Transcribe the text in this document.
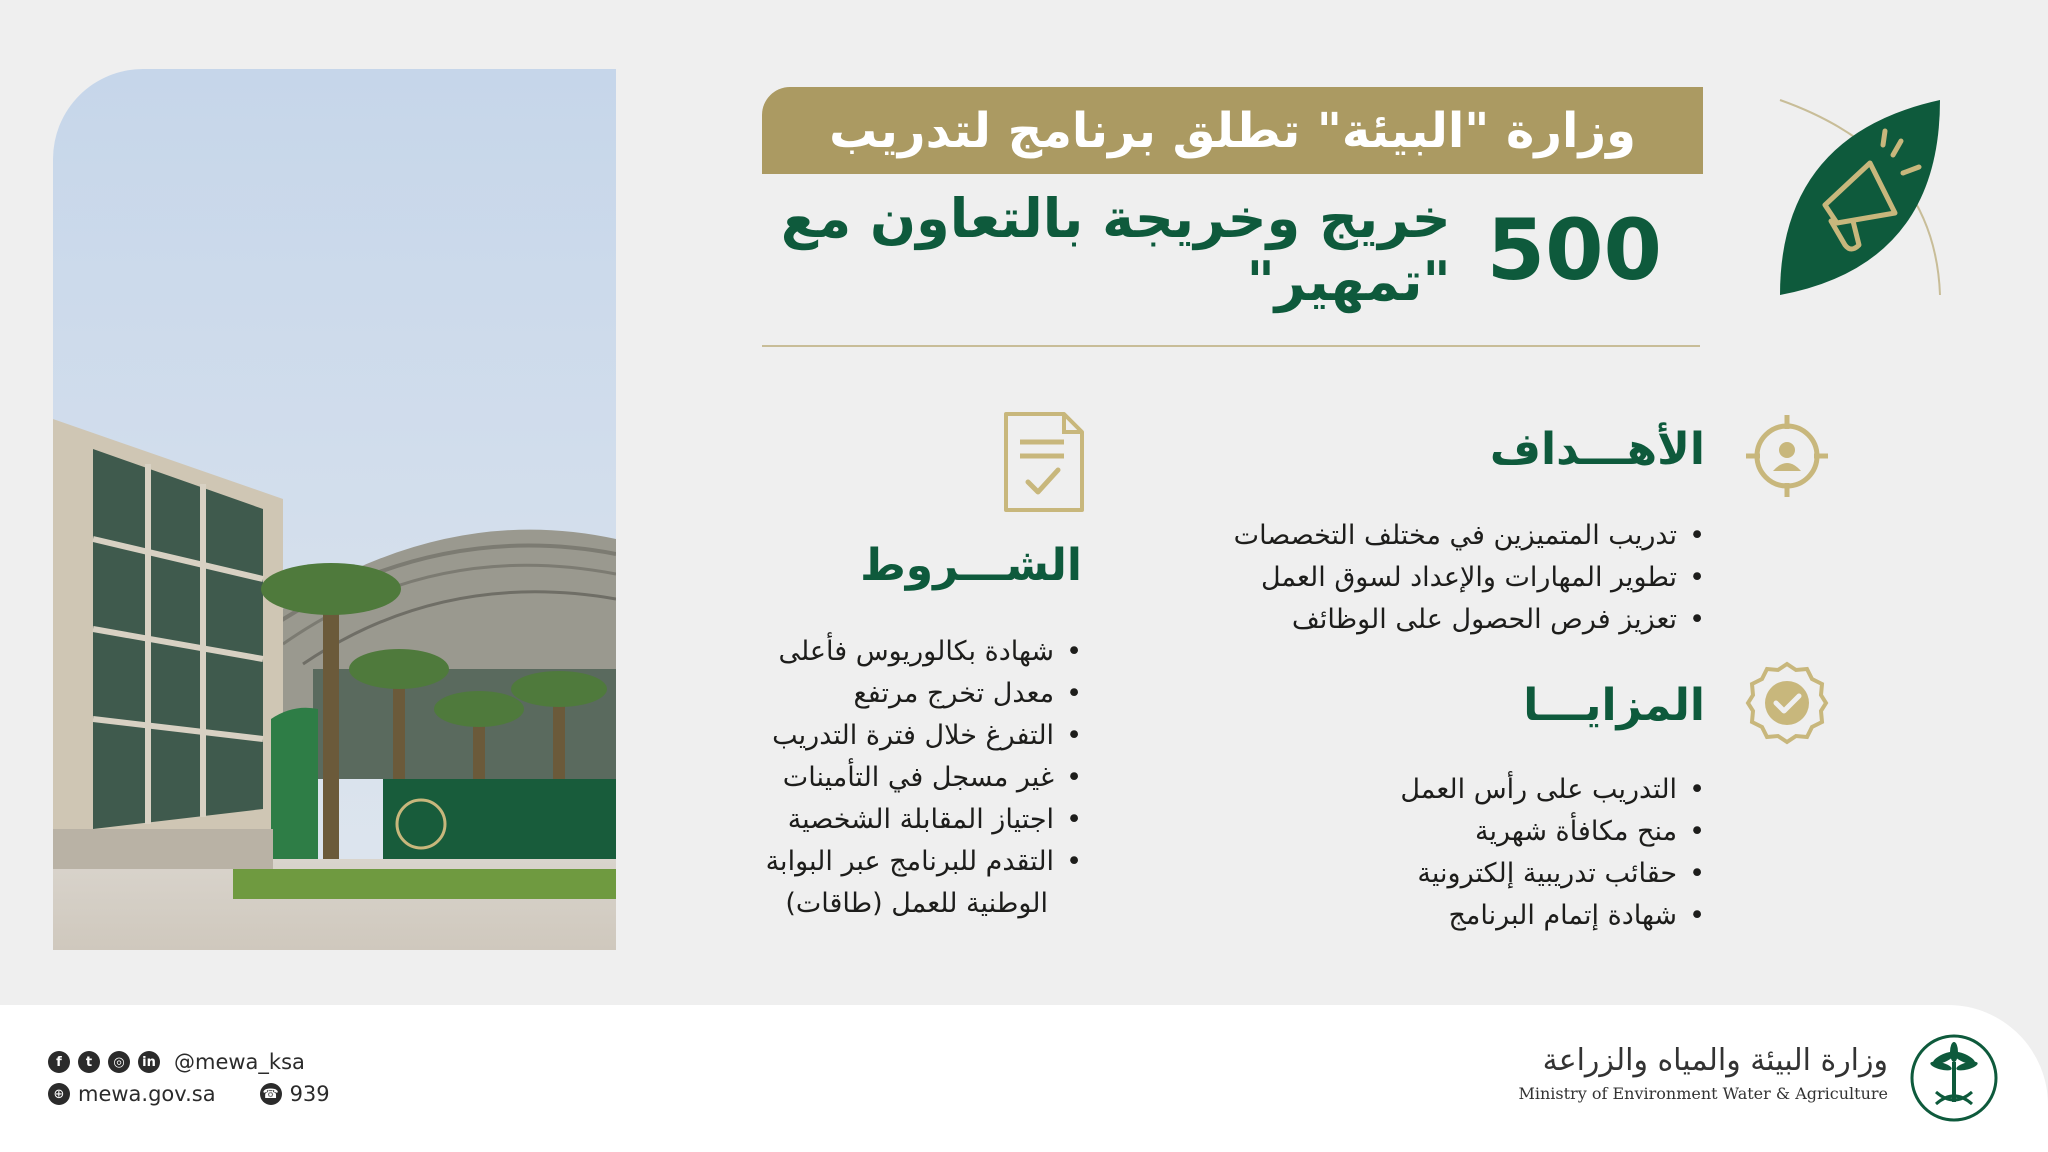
وزارة "البيئة" تطلق برنامج لتدريب
خريج وخريجة بالتعاون مع "تمهير" 500
الأهـــداف
• تدريب المتميزين في مختلف التخصصات
• تطوير المهارات والإعداد لسوق العمل
• تعزيز فرص الحصول على الوظائف
المزايـــا
• التدريب على رأس العمل
• منح مكافأة شهرية
• حقائب تدريبية إلكترونية
• شهادة إتمام البرنامج
الشـــروط
• شهادة بكالوريوس فأعلى
• معدل تخرج مرتفع
• التفرغ خلال فترة التدريب
• غير مسجل في التأمينات
• اجتياز المقابلة الشخصية
• التقدم للبرنامج عبر البوابة
الوطنية للعمل (طاقات)
f	t	◎	in @mewa_ksa
⊕ mewa.gov.sa	☎ 939
وزارة البيئة والمياه والزراعة
Ministry of Environment Water & Agriculture
